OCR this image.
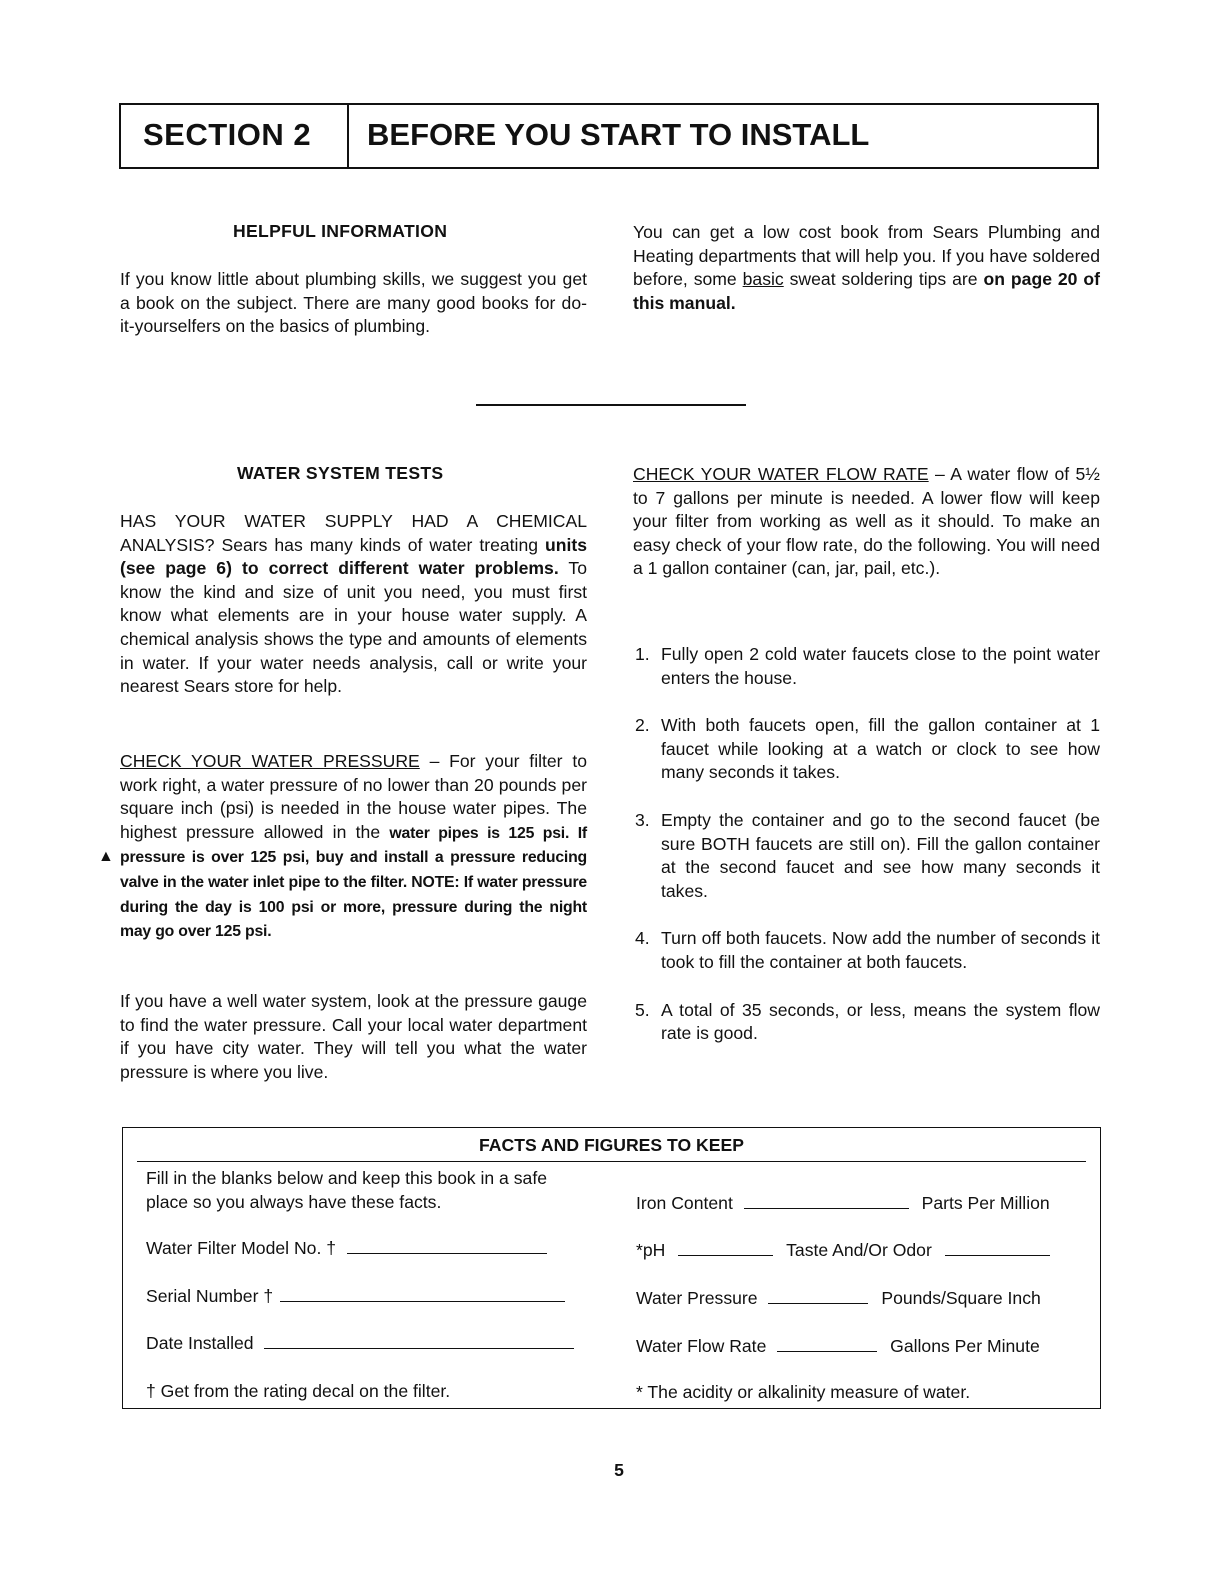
SECTION 2 BEFORE YOU START TO INSTALL
HELPFUL INFORMATION

If you know little about plumbing skills, we suggest you get a book on the subject. There are many good books for do-it-yourselfers on the basics of plumbing.

You can get a low cost book from Sears Plumbing and Heating departments that will help you. If you have soldered before, some basic sweat soldering tips are on page 20 of this manual.

WATER SYSTEM TESTS

HAS YOUR WATER SUPPLY HAD A CHEMICAL ANALYSIS? Sears has many kinds of water treating units (see page 6) to correct different water problems. To know the kind and size of unit you need, you must first know what elements are in your house water supply. A chemical analysis shows the type and amounts of elements in water. If your water needs analysis, call or write your nearest Sears store for help.

CHECK YOUR WATER PRESSURE – For your filter to work right, a water pressure of no lower than 20 pounds per square inch (psi) is needed in the house water pipes. The highest pressure allowed in the water pipes is 125 psi. If pressure is over 125 psi, buy and install a pressure reducing valve in the water inlet pipe to the filter. NOTE: If water pressure during the day is 100 psi or more, pressure during the night may go over 125 psi.

▲

If you have a well water system, look at the pressure gauge to find the water pressure. Call your local water department if you have city water. They will tell you what the water pressure is where you live.

CHECK YOUR WATER FLOW RATE – A water flow of 5½ to 7 gallons per minute is needed. A lower flow will keep your filter from working as well as it should. To make an easy check of your flow rate, do the following. You will need a 1 gallon container (can, jar, pail, etc.).

1. Fully open 2 cold water faucets close to the point water enters the house.
2. With both faucets open, fill the gallon container at 1 faucet while looking at a watch or clock to see how many seconds it takes.
3. Empty the container and go to the second faucet (be sure BOTH faucets are still on). Fill the gallon container at the second faucet and see how many seconds it takes.
4. Turn off both faucets. Now add the number of seconds it took to fill the container at both faucets.
5. A total of 35 seconds, or less, means the system flow rate is good.
FACTS AND FIGURES TO KEEP

Fill in the blanks below and keep this book in a safe place so you always have these facts.

Water Filter Model No. †
Serial Number †
Date Installed
† Get from the rating decal on the filter.
Iron Content	Parts Per Million
*pH	Taste And/Or Odor
Water Pressure	Pounds/Square Inch
Water Flow Rate	Gallons Per Minute
* The acidity or alkalinity measure of water.
5
